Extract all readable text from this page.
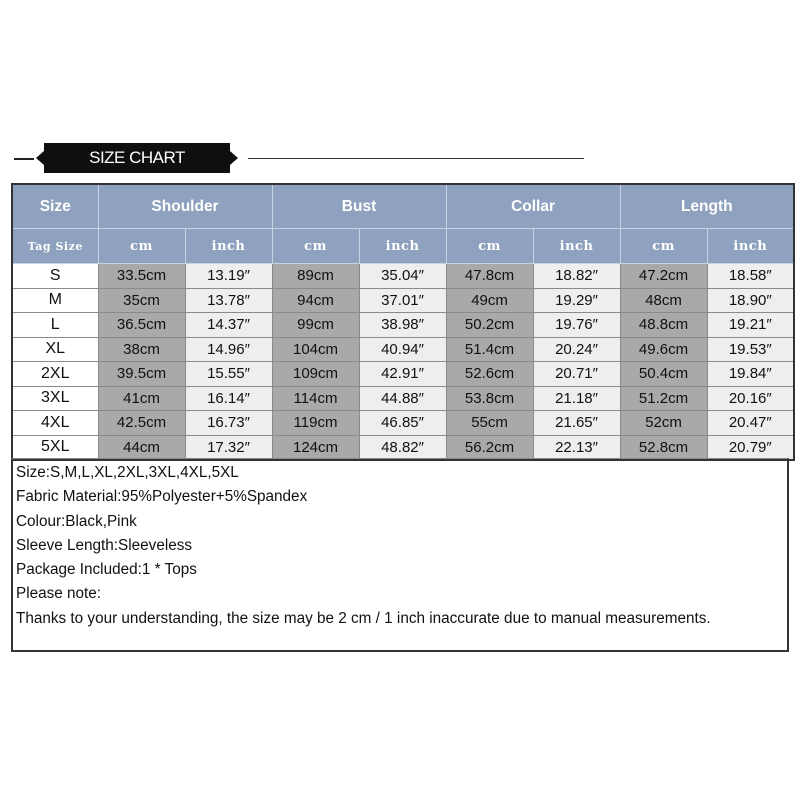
SIZE CHART
Size	Shoulder		Bust		Collar		Length	
Tag Size	cm	inch	cm	inch	cm	inch	cm	inch
S	33.5cm	13.19″	89cm	35.04″	47.8cm	18.82″	47.2cm	18.58″
M	35cm	13.78″	94cm	37.01″	49cm	19.29″	48cm	18.90″
L	36.5cm	14.37″	99cm	38.98″	50.2cm	19.76″	48.8cm	19.21″
XL	38cm	14.96″	104cm	40.94″	51.4cm	20.24″	49.6cm	19.53″
2XL	39.5cm	15.55″	109cm	42.91″	52.6cm	20.71″	50.4cm	19.84″
3XL	41cm	16.14″	114cm	44.88″	53.8cm	21.18″	51.2cm	20.16″
4XL	42.5cm	16.73″	119cm	46.85″	55cm	21.65″	52cm	20.47″
5XL	44cm	17.32″	124cm	48.82″	56.2cm	22.13″	52.8cm	20.79″
Size:S,M,L,XL,2XL,3XL,4XL,5XL
Fabric Material:95%Polyester+5%Spandex
Colour:Black,Pink
Sleeve Length:Sleeveless
Package Included:1 * Tops
Please note:
Thanks to your understanding, the size may be 2 cm / 1 inch inaccurate due to manual measurements.
